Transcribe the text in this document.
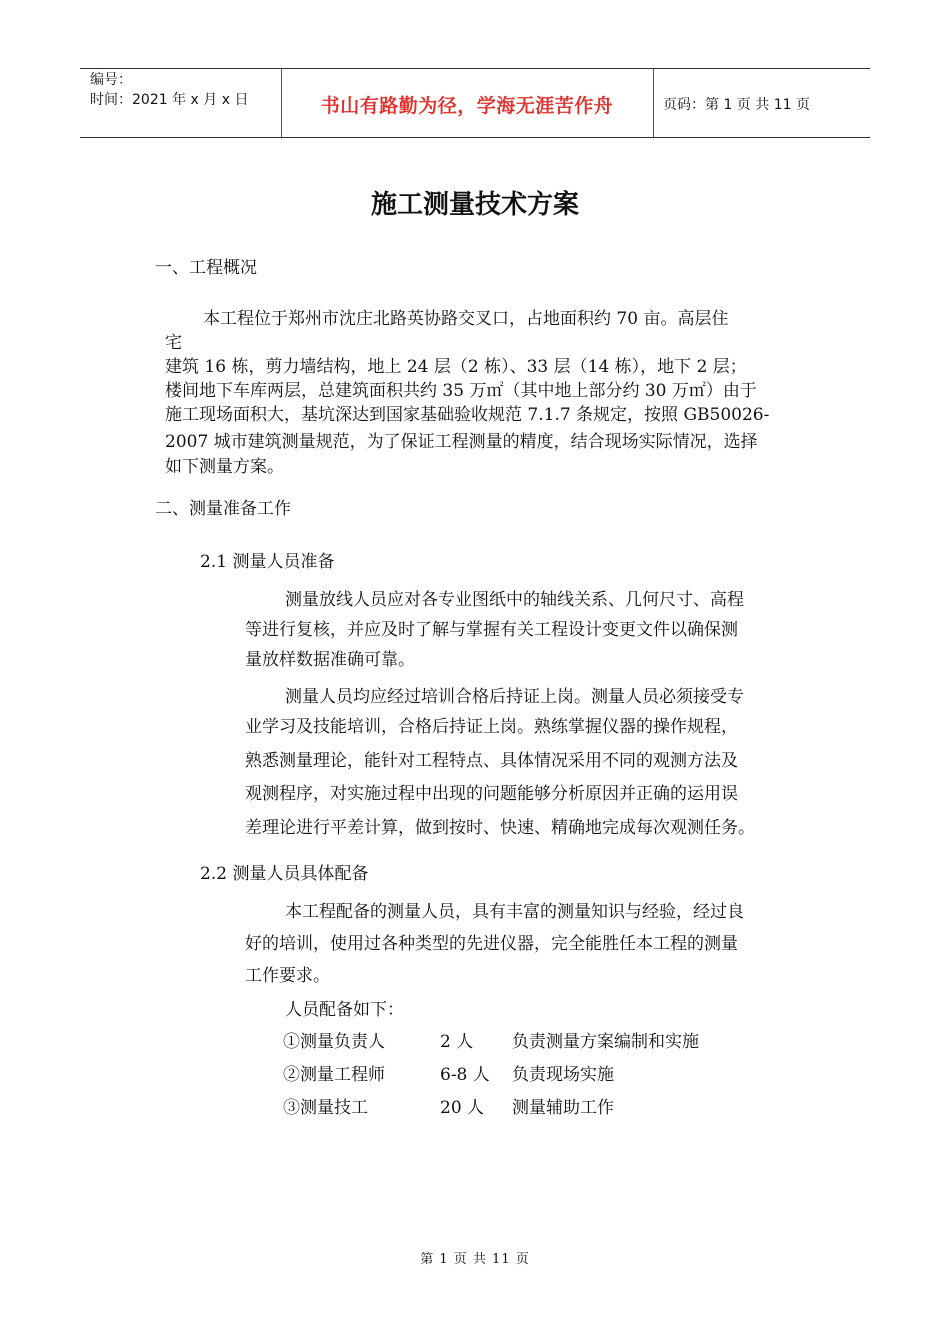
编号：
时间：2021 年 x 月 x 日	书山有路勤为径，学海无涯苦作舟	页码：第 1 页 共 11 页
施工测量技术方案
一、工程概况
本工程位于郑州市沈庄北路英协路交叉口，占地面积约 70 亩。高层住
宅
建筑 16 栋，剪力墙结构，地上 24 层（2 栋）、33 层（14 栋），地下 2 层；
楼间地下车库两层，总建筑面积共约 35 万㎡（其中地上部分约 30 万㎡）由于
施工现场面积大，基坑深达到国家基础验收规范 7.1.7 条规定，按照 GB50026-
2007 城市建筑测量规范，为了保证工程测量的精度，结合现场实际情况，选择
如下测量方案。
二、测量准备工作
2.1 测量人员准备
测量放线人员应对各专业图纸中的轴线关系、几何尺寸、高程
等进行复核，并应及时了解与掌握有关工程设计变更文件以确保测
量放样数据准确可靠。
测量人员均应经过培训合格后持证上岗。测量人员必须接受专
业学习及技能培训，合格后持证上岗。熟练掌握仪器的操作规程，
熟悉测量理论，能针对工程特点、具体情况采用不同的观测方法及
观测程序，对实施过程中出现的问题能够分析原因并正确的运用误
差理论进行平差计算，做到按时、快速、精确地完成每次观测任务。
2.2 测量人员具体配备
本工程配备的测量人员，具有丰富的测量知识与经验，经过良
好的培训，使用过各种类型的先进仪器，完全能胜任本工程的测量
工作要求。
人员配备如下：
①测量负责人	2 人 负责测量方案编制和实施
②测量工程师	6-8 人 负责现场实施
③测量技工	20 人 测量辅助工作
第 1 页 共 11 页
